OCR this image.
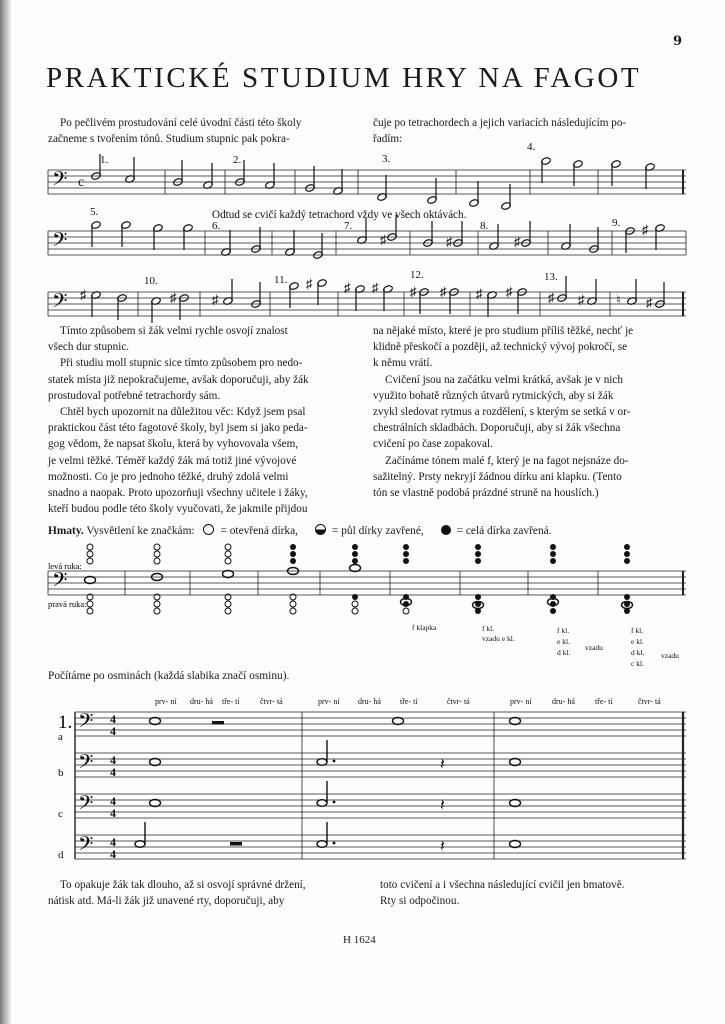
9
PRAKTICKÉ STUDIUM HRY NA FAGOT
Po pečlivém prostudování celé úvodní části této školy
začneme s tvořením tónů. Studium stupnic pak pokra-
čuje po tetrachordech a jejich variacích následujícím po-
řadím:
𝄢
𝄢
𝄢
c
♯	♯	♯
♯
♯	♯	♯
♯ ♯ ♯ ♯ ♯ ♯ ♯	♯ ♯ ♮ ♯
1.	2.	3.
4.
5.
6.	7.	8.	9.
Odtud se cvičí každý tetrachord vždy ve všech oktávách.
10.	11.	12.	13.
Tímto způsobem si žák velmi rychle osvojí znalost
všech dur stupnic.
Při studiu moll stupnic sice tímto způsobem pro nedo-
statek místa již nepokračujeme, avšak doporučuji, aby žák
prostudoval potřebné tetrachordy sám.
Chtěl bych upozornit na důležitou věc: Když jsem psal
praktickou část této fagotové školy, byl jsem si jako peda-
gog vědom, že napsat školu, která by vyhovovala všem,
je velmi těžké. Téměř každý žák má totiž jiné vývojové
možnosti. Co je pro jednoho těžké, druhý zdolá velmi
snadno a naopak. Proto upozorňuji všechny učitele i žáky,
kteří budou podle této školy vyučovati, že jakmile přijdou
na nějaké místo, které je pro studium příliš těžké, nechť je
klidně přeskočí a později, až technický vývoj pokročí, se
k němu vrátí.
Cvičení jsou na začátku velmi krátká, avšak je v nich
využito bohatě různých útvarů rytmických, aby si žák
zvykl sledovat rytmus a rozdělení, s kterým se setká v or-
chestrálních skladbách. Doporučuji, aby si žák všechna
cvičení po čase zopakoval.
Začínáme tónem malé f, který je na fagot nejsnáze do-
sažitelný. Prsty nekryjí žádnou dírku ani klapku. (Tento
tón se vlastně podobá prázdné struně na houslích.)
Hmaty. Vysvětlení ke značkám: = otevřená dírka,	= půl dírky zavřené,	= celá dírka zavřená.
levá ruka:
pravá ruka:
𝄢
f klapka	f kl.
vzadu e kl.
f kl.
e kl.
d kl.
vzadu
f kl.
e kl.
d kl.
c kl.
vzadu
Počítáme po osminách (každá slabika značí osminu).
prv- ní dru- há tře- tí	čtvr- tá	prv- ní dru- há tře- tí	čtvr- tá	prv- ní	dru- há	tře- tí	čtvr- tá
1.
a
b
c
d
𝄢
𝄢
𝄢
𝄢
4
4
4
4
4
4
4
4
𝄽
𝄽
𝄽
To opakuje žák tak dlouho, až si osvojí správné držení,
nátisk atd. Má-li žák již unavené rty, doporučuji, aby
toto cvičení a i všechna následující cvičil jen bmatově.
Rty si odpočinou.
H 1624
